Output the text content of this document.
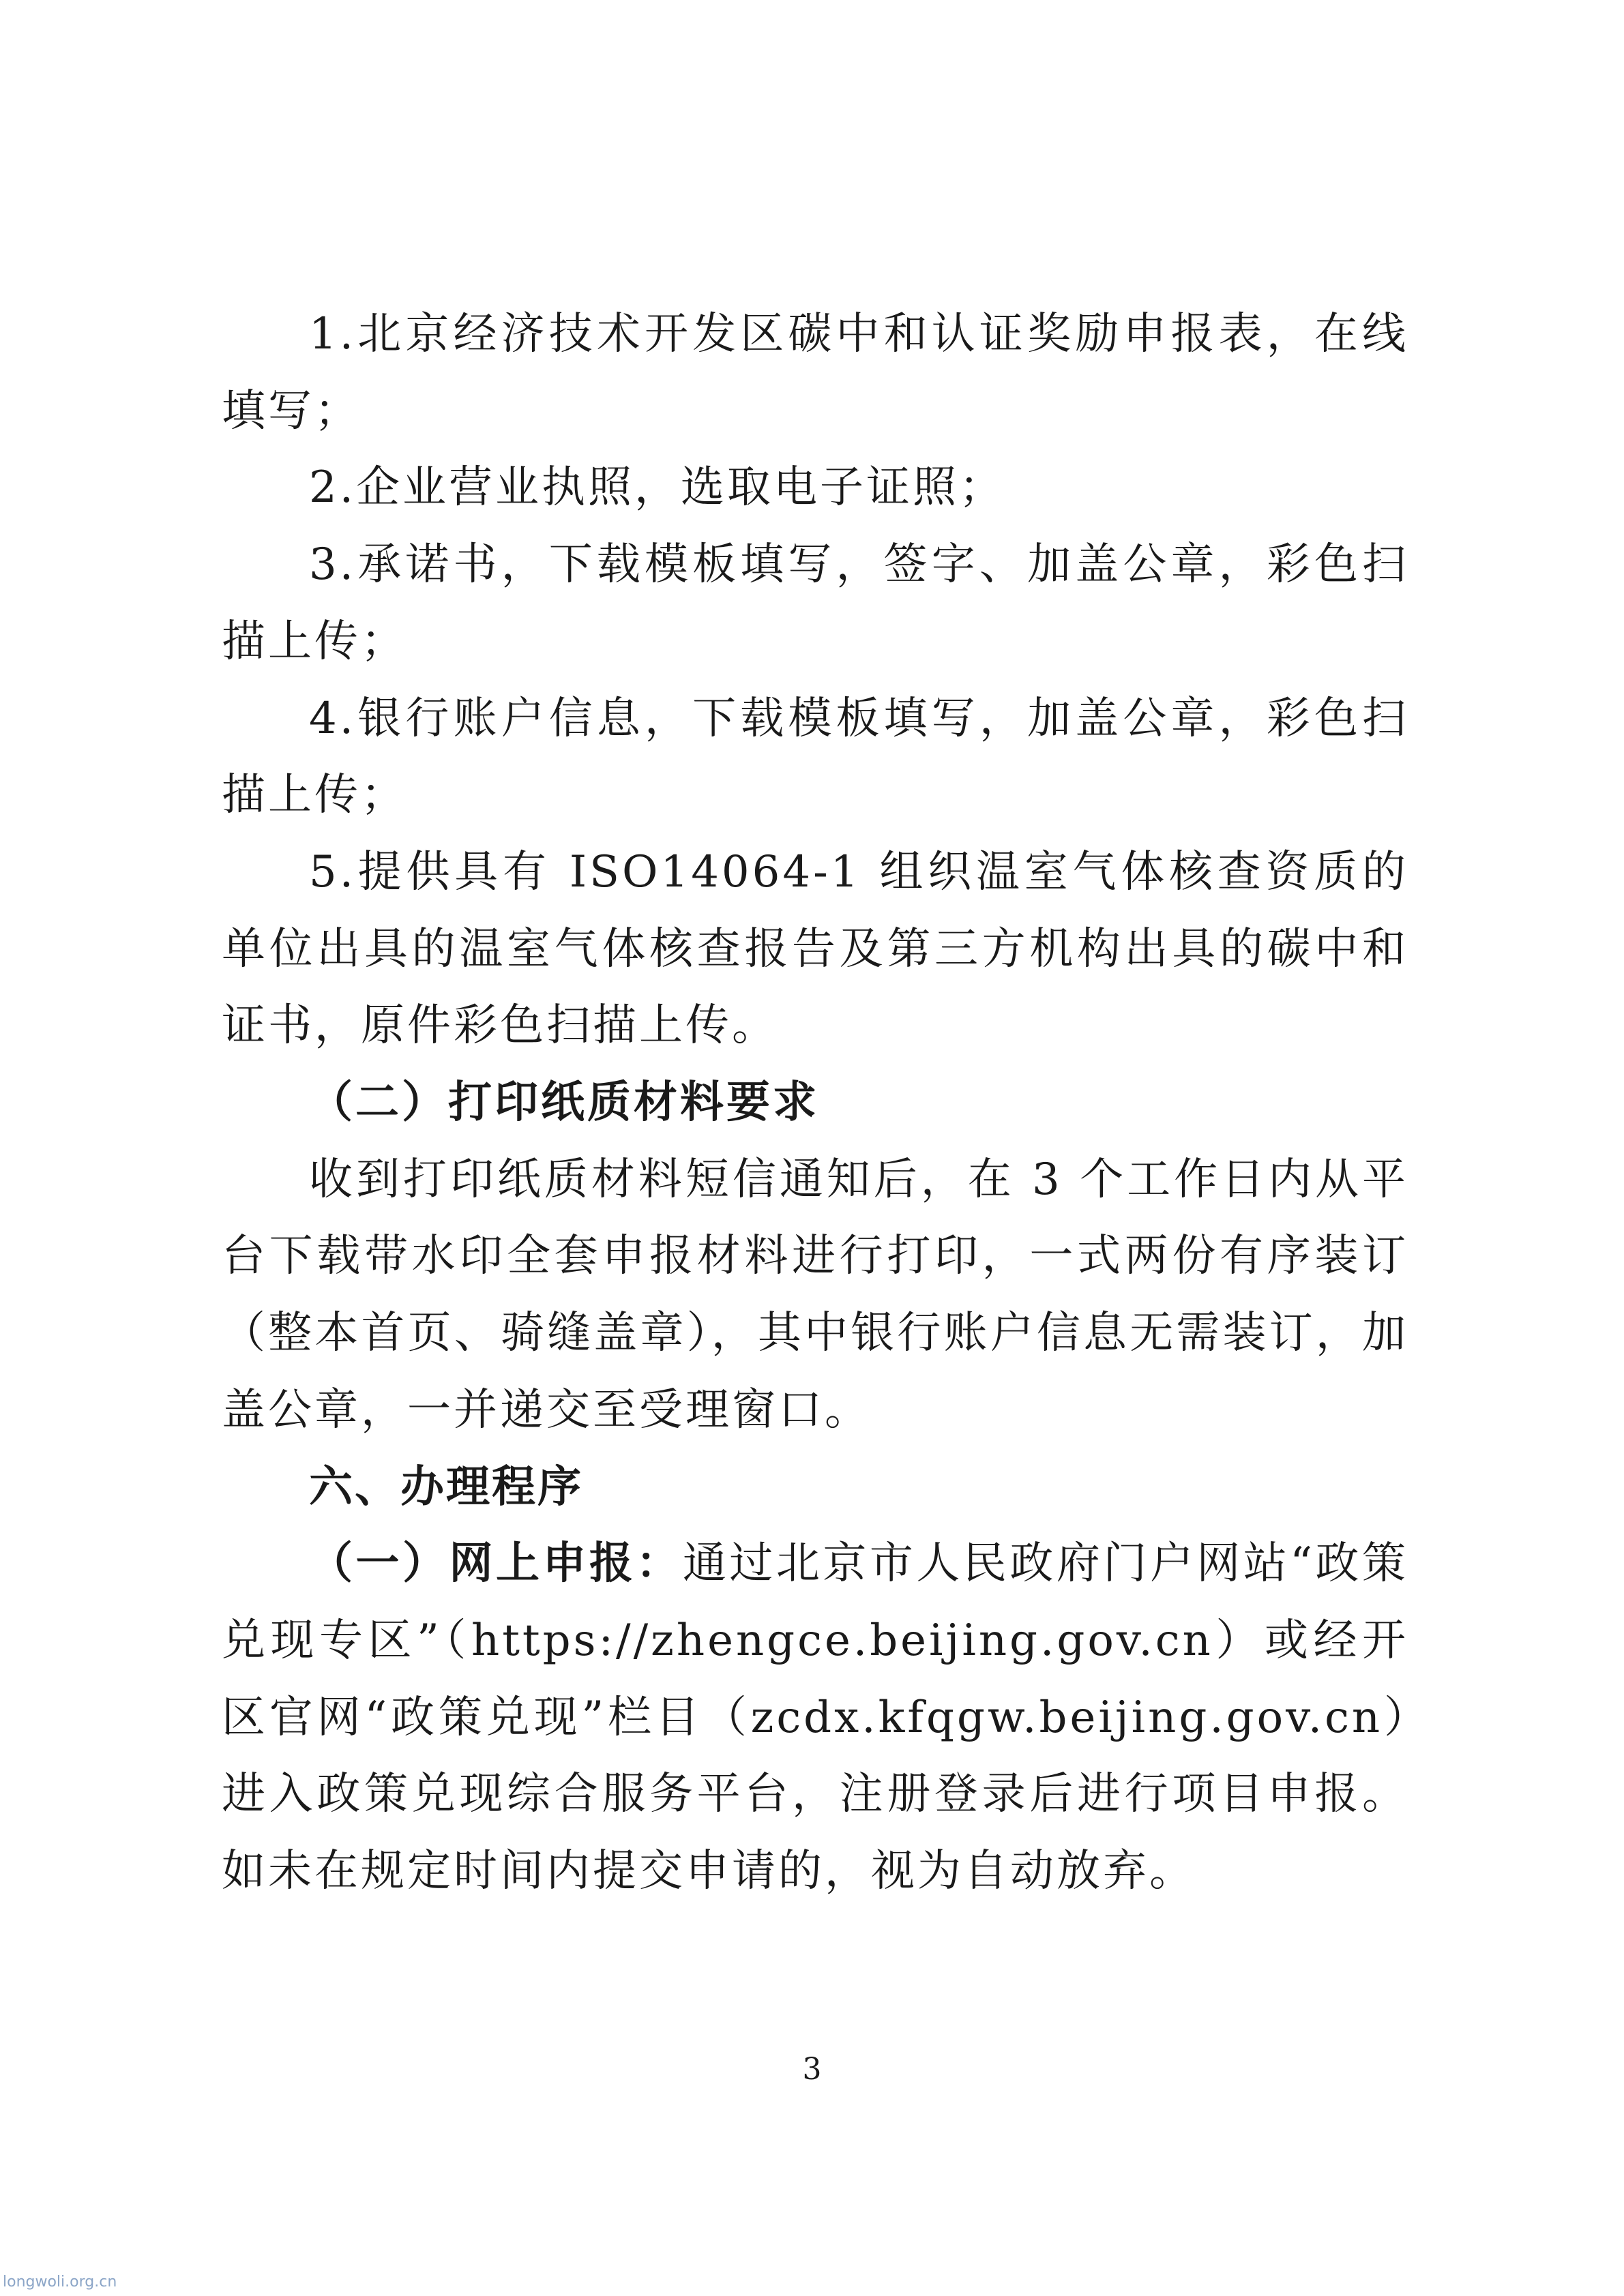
1.北京经济技术开发区碳中和认证奖励申报表，在线填写；

2.企业营业执照，选取电子证照；

3.承诺书，下载模板填写，签字、加盖公章，彩色扫描上传；

4.银行账户信息，下载模板填写，加盖公章，彩色扫描上传；

5.提供具有 ISO14064-1 组织温室气体核查资质的单位出具的温室气体核查报告及第三方机构出具的碳中和证书，原件彩色扫描上传。

（二）打印纸质材料要求

收到打印纸质材料短信通知后，在 3 个工作日内从平台下载带水印全套申报材料进行打印，一式两份有序装订（整本首页、骑缝盖章），其中银行账户信息无需装订，加盖公章，一并递交至受理窗口。

六、办理程序

（一）网上申报：通过北京市人民政府门户网站“政策兑现专区”（https://zhengce.beijing.gov.cn）或经开区官网“政策兑现”栏目（zcdx.kfqgw.beijing.gov.cn）进入政策兑现综合服务平台，注册登录后进行项目申报。如未在规定时间内提交申请的，视为自动放弃。

3
longwoli.org.cn
